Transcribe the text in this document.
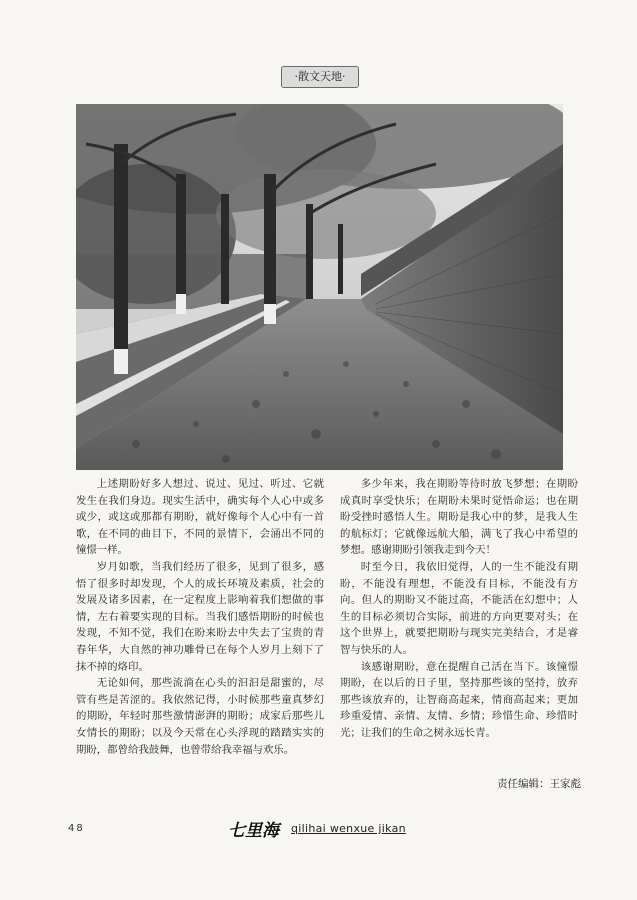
·散文天地·

上述期盼好多人想过、说过、见过、听过、它就发生在我们身边。现实生活中，确实每个人心中或多或少，或这或那都有期盼，就好像每个人心中有一首歌，在不同的曲目下，不同的景情下，会涌出不同的憧憬一样。

岁月如歌，当我们经历了很多，见到了很多，感悟了很多时却发现，个人的成长环境及素质，社会的发展及诸多因素，在一定程度上影响着我们想做的事情，左右着要实现的目标。当我们感悟期盼的时候也发现，不知不觉，我们在盼来盼去中失去了宝贵的青春年华，大自然的神功雕骨已在每个人岁月上刻下了抹不掉的烙印。

无论如何，那些流淌在心头的汩汩是甜蜜的，尽管有些是苦涩的。我依然记得，小时候那些童真梦幻的期盼，年轻时那些激情澎湃的期盼；成家后那些儿女情长的期盼；以及今天常在心头浮现的踏踏实实的期盼，都曾给我鼓舞，也曾带给我幸福与欢乐。

多少年来，我在期盼等待时放飞梦想；在期盼成真时享受快乐；在期盼未果时觉悟命运；也在期盼受挫时感悟人生。期盼是我心中的梦，是我人生的航标灯；它就像远航大船，满飞了我心中希望的梦想。感谢期盼引领我走到今天！

时至今日，我依旧觉得，人的一生不能没有期盼，不能没有理想，不能没有目标，不能没有方向。但人的期盼又不能过高，不能活在幻想中；人生的目标必须切合实际，前进的方向更要对头；在这个世界上，就要把期盼与现实完美结合，才是睿智与快乐的人。

该感谢期盼，意在提醒自己活在当下。该憧憬期盼，在以后的日子里，坚持那些该的坚持，放弃那些该放弃的，让智商高起来，情商高起来；更加珍重爱情、亲情、友情、乡情；珍惜生命、珍惜时光；让我们的生命之树永远长青。

责任编辑：王家彪
48	七里海 qilihai wenxue jikan
